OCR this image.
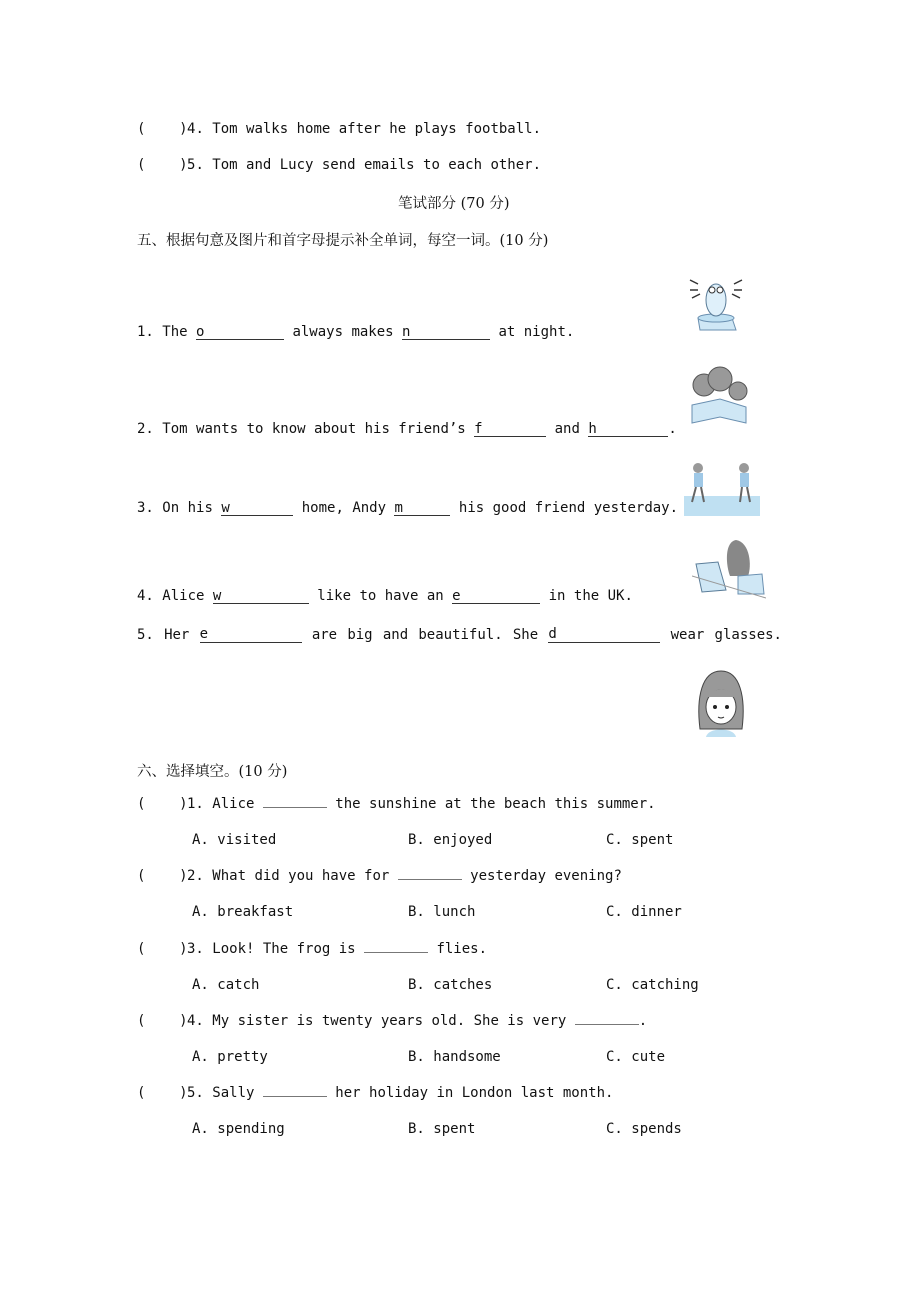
(    )4. Tom walks home after he plays football.
(    )5. Tom and Lucy send emails to each other.
笔试部分 (70 分)
五、根据句意及图片和首字母提示补全单词，每空一词。(10 分)
1. The o	always makes n	at night.
2. Tom wants to know about his friend’s f	and h	.
3. On his w	home, Andy m	his good friend yesterday.
4. Alice w	like to have an e	in the UK.
5. Her e	are big and beautiful. She d	wear glasses.
六、选择填空。(10 分)
(    )1. Alice	the sunshine at the beach this summer.
A. visited	B. enjoyed	C. spent
(    )2. What did you have for	yesterday evening?
A. breakfast	B. lunch	C. dinner
(    )3. Look! The frog is	flies.
A. catch	B. catches	C. catching
(    )4. My sister is twenty years old. She is very	.
A. pretty	B. handsome	C. cute
(    )5. Sally	her holiday in London last month.
A. spending	B. spent	C. spends
